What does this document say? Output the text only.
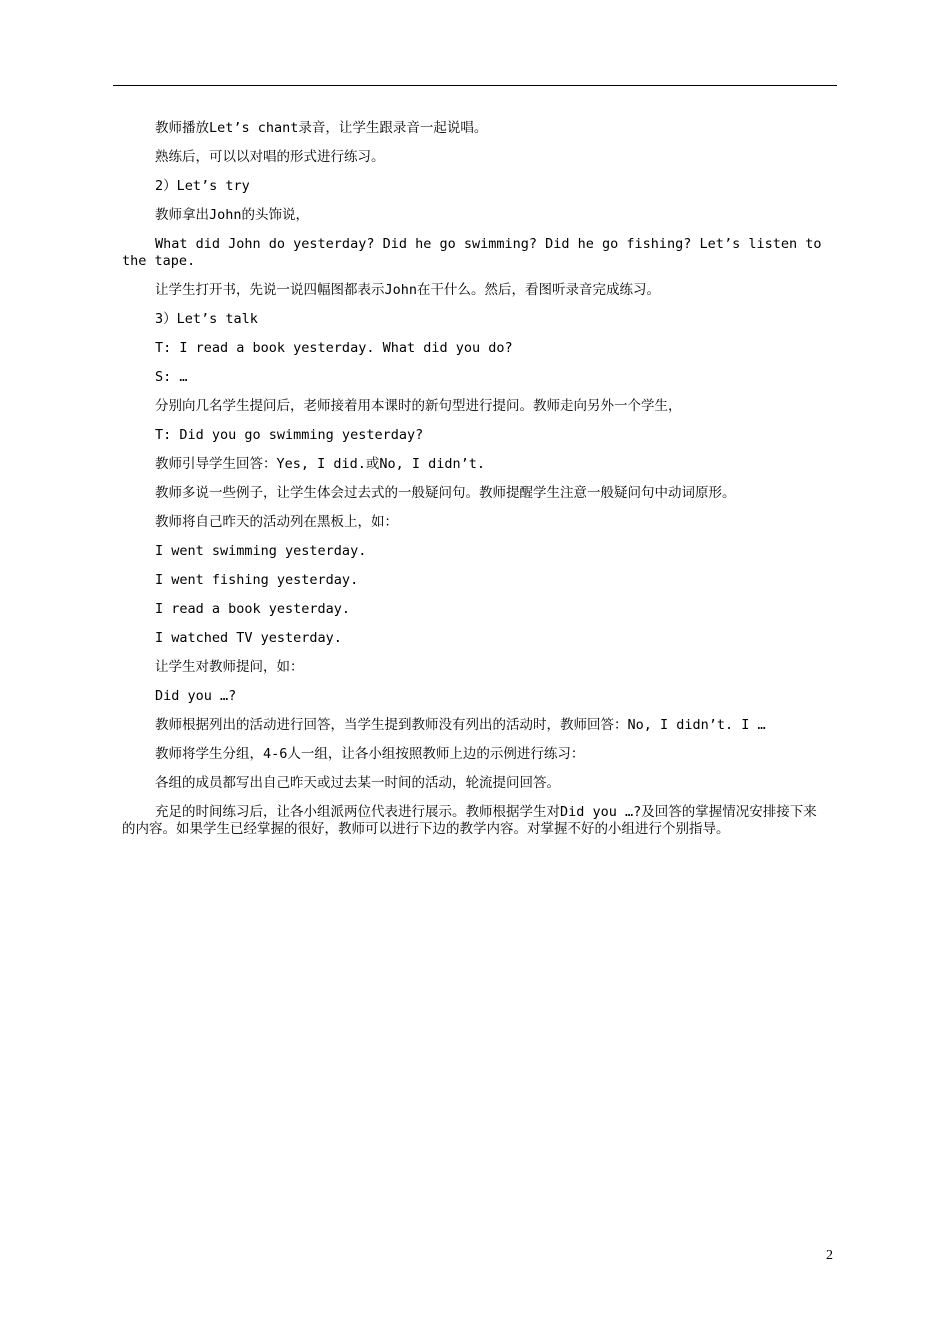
教师播放Let’s chant录音，让学生跟录音一起说唱。

熟练后，可以以对唱的形式进行练习。

2）Let’s try

教师拿出John的头饰说，

What did John do yesterday? Did he go swimming? Did he go fishing? Let’s listen to the tape.

让学生打开书，先说一说四幅图都表示John在干什么。然后，看图听录音完成练习。

3）Let’s talk

T: I read a book yesterday. What did you do?

S: …

分别向几名学生提问后，老师接着用本课时的新句型进行提问。教师走向另外一个学生，

T: Did you go swimming yesterday?

教师引导学生回答：Yes, I did.或No, I didn’t.

教师多说一些例子，让学生体会过去式的一般疑问句。教师提醒学生注意一般疑问句中动词原形。

教师将自己昨天的活动列在黑板上，如：

I went swimming yesterday.

I went fishing yesterday.

I read a book yesterday.

I watched TV yesterday.

让学生对教师提问，如：

Did you …?

教师根据列出的活动进行回答，当学生提到教师没有列出的活动时，教师回答：No, I didn’t. I …

教师将学生分组，4-6人一组，让各小组按照教师上边的示例进行练习：

各组的成员都写出自己昨天或过去某一时间的活动，轮流提问回答。

充足的时间练习后，让各小组派两位代表进行展示。教师根据学生对Did you …?及回答的掌握情况安排接下来的内容。如果学生已经掌握的很好，教师可以进行下边的教学内容。对掌握不好的小组进行个别指导。

2
